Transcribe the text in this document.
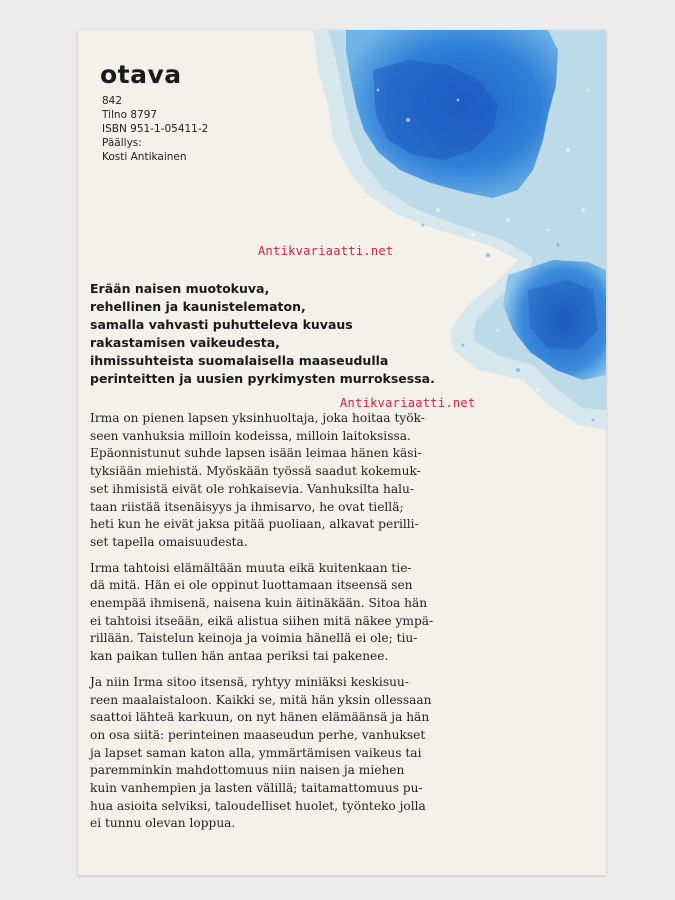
otava
842
Tilno 8797
ISBN 951-1-05411-2
Päällys:
Kosti Antikainen
Antikvariaatti.net
Antikvariaatti.net
Erään naisen muotokuva,
rehellinen ja kaunistelematon,
samalla vahvasti puhutteleva kuvaus
rakastamisen vaikeudesta,
ihmissuhteista suomalaisella maaseudulla
perinteitten ja uusien pyrkimysten murroksessa.
Irma on pienen lapsen yksinhuoltaja, joka hoitaa työk-
seen vanhuksia milloin kodeissa, milloin laitoksissa.
Epäonnistunut suhde lapsen isään leimaa hänen käsi-
tyksiään miehistä. Myöskään työssä saadut kokemuk-
set ihmisistä eivät ole rohkaisevia. Vanhuksilta halu-
taan riistää itsenäisyys ja ihmisarvo, he ovat tiellä;
heti kun he eivät jaksa pitää puoliaan, alkavat perilli-
set tapella omaisuudesta.
Irma tahtoisi elämältään muuta eikä kuitenkaan tie-
dä mitä. Hän ei ole oppinut luottamaan itseensä sen
enempää ihmisenä, naisena kuin äitinäkään. Sitoa hän
ei tahtoisi itseään, eikä alistua siihen mitä näkee ympä-
rillään. Taistelun keinoja ja voimia hänellä ei ole; tiu-
kan paikan tullen hän antaa periksi tai pakenee.
Ja niin Irma sitoo itsensä, ryhtyy miniäksi keskisuu-
reen maalaistaloon. Kaikki se, mitä hän yksin ollessaan
saattoi lähteä karkuun, on nyt hänen elämäänsä ja hän
on osa siitä: perinteinen maaseudun perhe, vanhukset
ja lapset saman katon alla, ymmärtämisen vaikeus tai
paremminkin mahdottomuus niin naisen ja miehen
kuin vanhempien ja lasten välillä; taitamattomuus pu-
hua asioita selviksi, taloudelliset huolet, työnteko jolla
ei tunnu olevan loppua.
